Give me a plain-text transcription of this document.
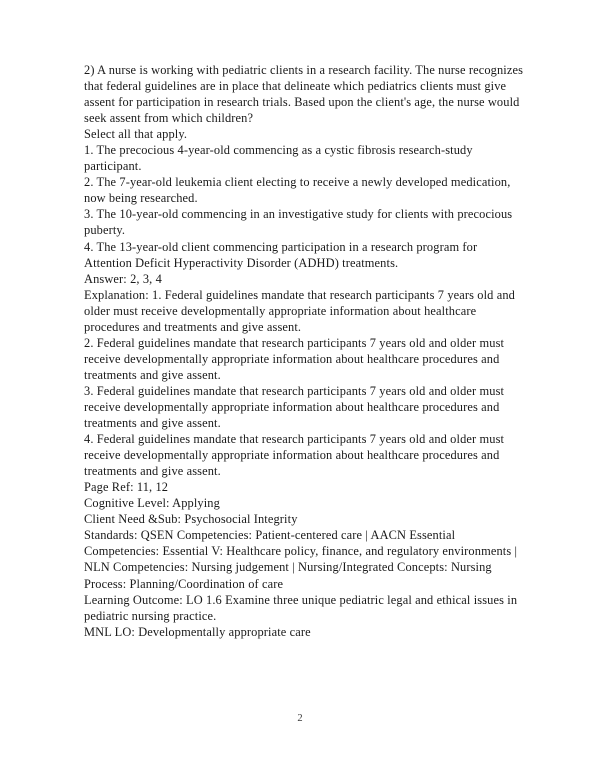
2) A nurse is working with pediatric clients in a research facility. The nurse recognizes that federal guidelines are in place that delineate which pediatrics clients must give assent for participation in research trials. Based upon the client's age, the nurse would seek assent from which children?

Select all that apply.

1. The precocious 4-year-old commencing as a cystic fibrosis research-study participant.

2. The 7-year-old leukemia client electing to receive a newly developed medication, now being researched.

3. The 10-year-old commencing in an investigative study for clients with precocious puberty.

4. The 13-year-old client commencing participation in a research program for Attention Deficit Hyperactivity Disorder (ADHD) treatments.

Answer: 2, 3, 4

Explanation: 1. Federal guidelines mandate that research participants 7 years old and older must receive developmentally appropriate information about healthcare procedures and treatments and give assent.

2. Federal guidelines mandate that research participants 7 years old and older must receive developmentally appropriate information about healthcare procedures and treatments and give assent.

3. Federal guidelines mandate that research participants 7 years old and older must receive developmentally appropriate information about healthcare procedures and treatments and give assent.

4. Federal guidelines mandate that research participants 7 years old and older must receive developmentally appropriate information about healthcare procedures and treatments and give assent.

Page Ref: 11, 12

Cognitive Level: Applying

Client Need &Sub: Psychosocial Integrity

Standards: QSEN Competencies: Patient-centered care | AACN Essential Competencies: Essential V: Healthcare policy, finance, and regulatory environments | NLN Competencies: Nursing judgement | Nursing/Integrated Concepts: Nursing Process: Planning/Coordination of care

Learning Outcome: LO 1.6 Examine three unique pediatric legal and ethical issues in pediatric nursing practice.

MNL LO: Developmentally appropriate care

2
